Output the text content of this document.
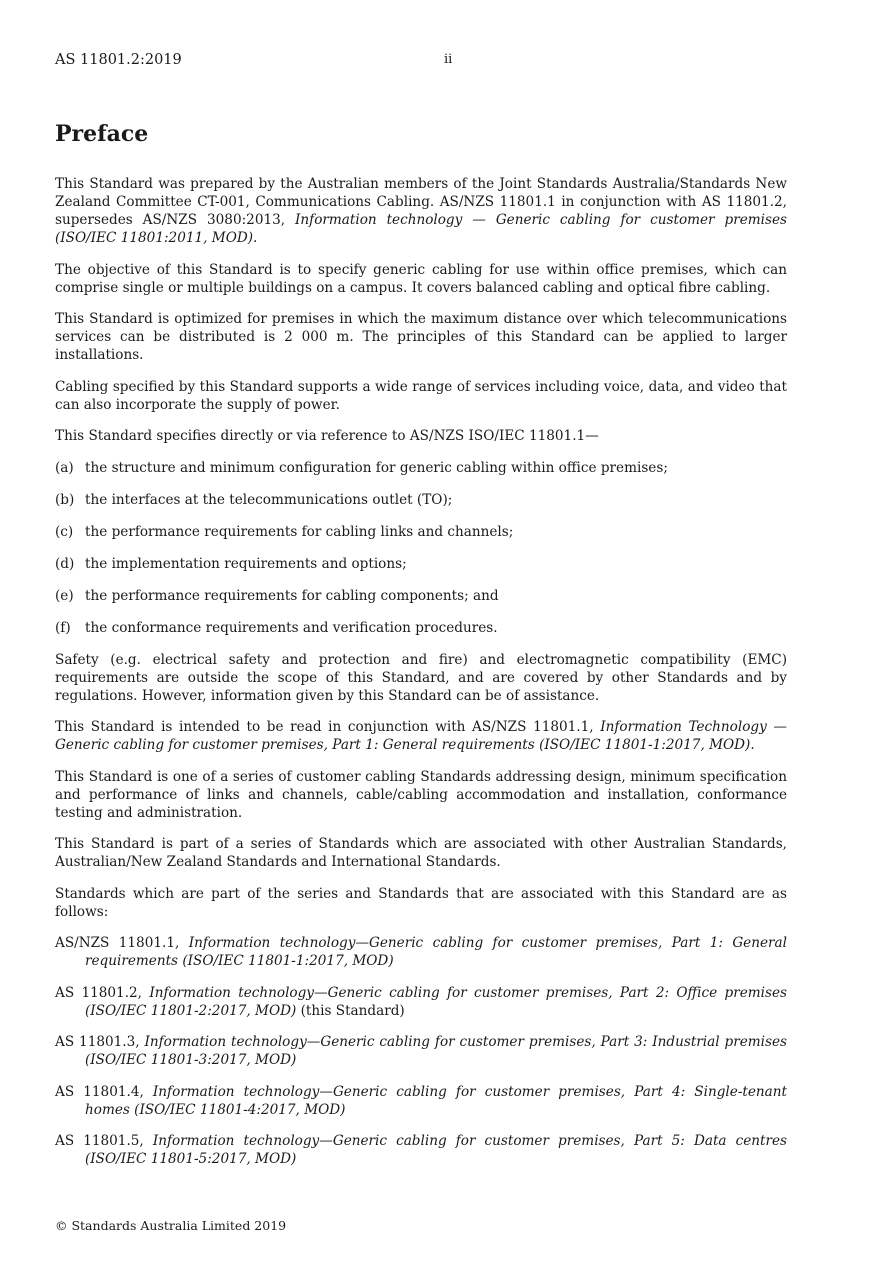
AS 11801.2:2019	ii
Preface

This Standard was prepared by the Australian members of the Joint Standards Australia/Standards New Zealand Committee CT-001, Communications Cabling. AS/NZS 11801.1 in conjunction with AS 11801.2, supersedes AS/NZS 3080:2013, Information technology — Generic cabling for customer premises (ISO/IEC 11801:2011, MOD).

The objective of this Standard is to specify generic cabling for use within office premises, which can comprise single or multiple buildings on a campus. It covers balanced cabling and optical fibre cabling.

This Standard is optimized for premises in which the maximum distance over which telecommunications services can be distributed is 2 000 m. The principles of this Standard can be applied to larger installations.

Cabling specified by this Standard supports a wide range of services including voice, data, and video that can also incorporate the supply of power.

This Standard specifies directly or via reference to AS/NZS ISO/IEC 11801.1—

(a) the structure and minimum configuration for generic cabling within office premises;
(b) the interfaces at the telecommunications outlet (TO);
(c) the performance requirements for cabling links and channels;
(d) the implementation requirements and options;
(e) the performance requirements for cabling components; and
(f)	the conformance requirements and verification procedures.

Safety (e.g. electrical safety and protection and fire) and electromagnetic compatibility (EMC) requirements are outside the scope of this Standard, and are covered by other Standards and by regulations. However, information given by this Standard can be of assistance.

This Standard is intended to be read in conjunction with AS/NZS 11801.1, Information Technology — Generic cabling for customer premises, Part 1: General requirements (ISO/IEC 11801-1:2017, MOD).

This Standard is one of a series of customer cabling Standards addressing design, minimum specification and performance of links and channels, cable/cabling accommodation and installation, conformance testing and administration.

This Standard is part of a series of Standards which are associated with other Australian Standards, Australian/New Zealand Standards and International Standards.

Standards which are part of the series and Standards that are associated with this Standard are as follows:

AS/NZS 11801.1, Information technology—Generic cabling for customer premises, Part 1: General requirements (ISO/IEC 11801-1:2017, MOD)
AS 11801.2, Information technology—Generic cabling for customer premises, Part 2: Office premises (ISO/IEC 11801-2:2017, MOD) (this Standard)
AS 11801.3, Information technology—Generic cabling for customer premises, Part 3: Industrial premises (ISO/IEC 11801-3:2017, MOD)
AS 11801.4, Information technology—Generic cabling for customer premises, Part 4: Single-tenant homes (ISO/IEC 11801-4:2017, MOD)
AS 11801.5, Information technology—Generic cabling for customer premises, Part 5: Data centres (ISO/IEC 11801-5:2017, MOD)
© Standards Australia Limited 2019
